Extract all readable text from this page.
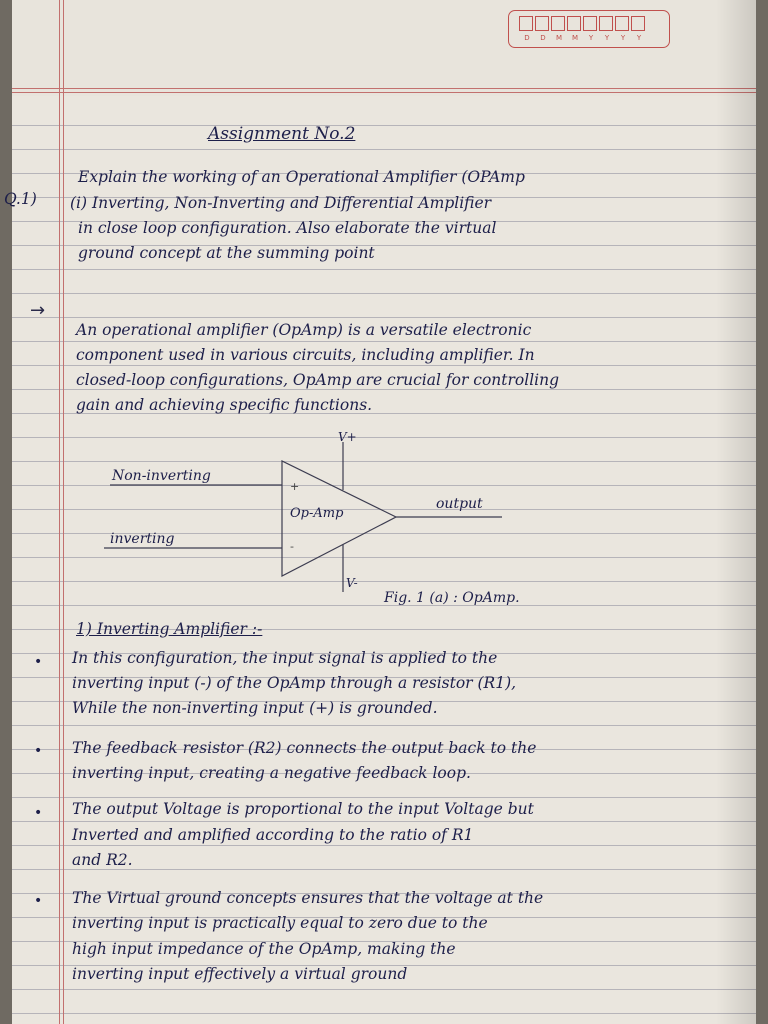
D	D	M	M	Y	Y	Y	Y

Assignment No.2

Q.1)

Explain the working of an Operational Amplifier (OPAmp

(i) Inverting, Non-Inverting and Differential Amplifier

in close loop configuration. Also elaborate the virtual

ground concept at the summing point

→

An operational amplifier (OpAmp) is a versatile electronic

component used in various circuits, including amplifier. In

closed-loop configurations, OpAmp are crucial for controlling

gain and achieving specific functions.

V+

Non-inverting

+

Op-Amp

output

inverting	-

V-

Fig. 1 (a) : OpAmp.

1) Inverting Amplifier :-

• In this configuration, the input signal is applied to the

inverting input (-) of the OpAmp through a resistor (R1),

While the non-inverting input (+) is grounded.

• The feedback resistor (R2) connects the output back to the

inverting input, creating a negative feedback loop.

• The output Voltage is proportional to the input Voltage but

Inverted and amplified according to the ratio of R1

and R2.

• The Virtual ground concepts ensures that the voltage at the

inverting input is practically equal to zero due to the

high input impedance of the OpAmp, making the

inverting input effectively a virtual ground
